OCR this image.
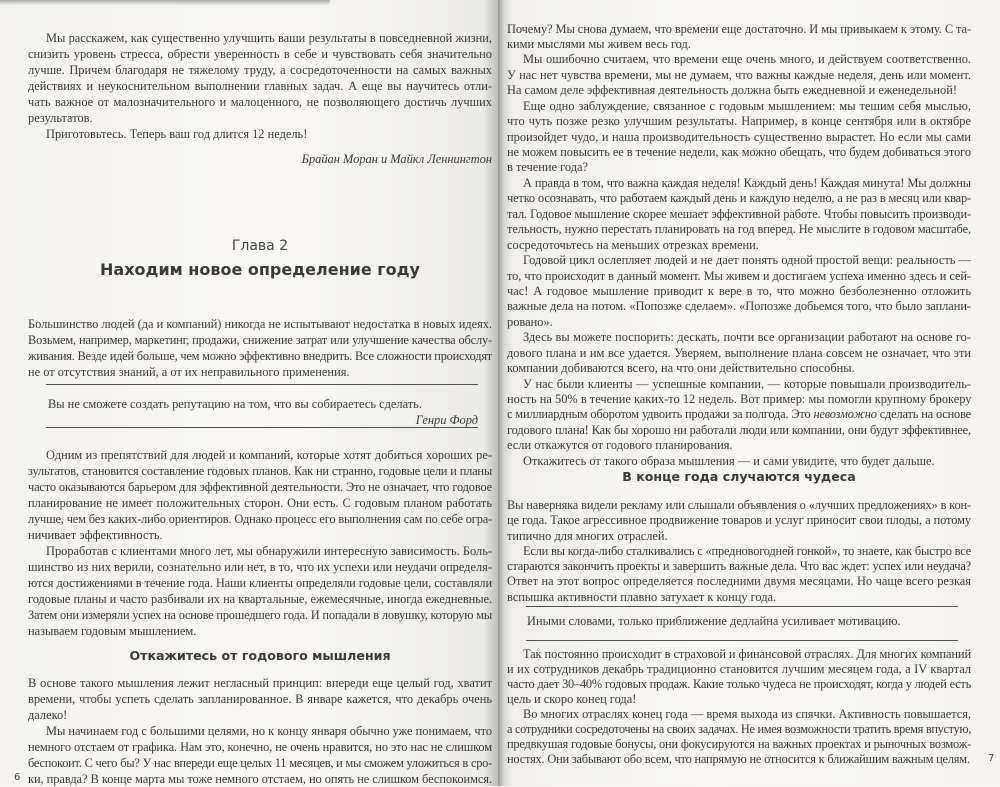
Мы расскажем, как существенно улучшить ваши результаты в повседневной жизни,
снизить уровень стресса, обрести уверенность в себе и чувствовать себя значительно
лучше. Причем благодаря не тяжелому труду, а сосредоточенности на самых важных
действиях и неукоснительном выполнении главных задач. А еще вы научитесь отли-
чать важное от малозначительного и малоценного, не позволяющего достичь лучших
результатов.
Приготовьтесь. Теперь ваш год длится 12 недель!
Брайан Моран и Майкл Леннингтон
Глава 2
Находим новое определение году
Большинство людей (да и компаний) никогда не испытывают недостатка в новых идеях.
Возьмем, например, маркетинг, продажи, снижение затрат или улучшение качества обслу-
живания. Везде идей больше, чем можно эффективно внедрить. Все сложности происходят
не от отсутствия знаний, а от их неправильного применения.
Вы не сможете создать репутацию на том, что вы собираетесь сделать.
Генри Форд
Одним из препятствий для людей и компаний, которые хотят добиться хороших ре-
зультатов, становится составление годовых планов. Как ни странно, годовые цели и планы
часто оказываются барьером для эффективной деятельности. Это не означает, что годовое
планирование не имеет положительных сторон. Они есть. С годовым планом работать
лучше, чем без каких-либо ориентиров. Однако процесс его выполнения сам по себе огра-
ничивает эффективность.
Проработав с клиентами много лет, мы обнаружили интересную зависимость. Боль-
шинство из них верили, сознательно или нет, в то, что их успехи или неудачи определя-
ются достижениями в течение года. Наши клиенты определяли годовые цели, составляли
годовые планы и часто разбивали их на квартальные, ежемесячные, иногда ежедневные.
Затем они измеряли успех на основе прошедшего года. И попадали в ловушку, которую мы
называем годовым мышлением.
Откажитесь от годового мышления
В основе такого мышления лежит негласный принцип: впереди еще целый год, хватит
времени, чтобы успеть сделать запланированное. В январе кажется, что декабрь очень
далеко!
Мы начинаем год с большими целями, но к концу января обычно уже понимаем, что
немного отстаем от графика. Нам это, конечно, не очень нравится, но это нас не слишком
беспокоит. С чего бы? У нас впереди еще целых 11 месяцев, и мы сможем уложиться в сро-
ки, правда? В конце марта мы тоже немного отстаем, но опять не слишком беспокоимся.
6
Почему? Мы снова думаем, что времени еще достаточно. И мы привыкаем к этому. С та-
кими мыслями мы живем весь год.
Мы ошибочно считаем, что времени еще очень много, и действуем соответственно.
У нас нет чувства времени, мы не думаем, что важны каждые неделя, день или момент.
На самом деле эффективная деятельность должна быть ежедневной и еженедельной!
Еще одно заблуждение, связанное с годовым мышлением: мы тешим себя мыслью,
что чуть позже резко улучшим результаты. Например, в конце сентября или в октябре
произойдет чудо, и наша производительность существенно вырастет. Но если мы сами
не можем повысить ее в течение недели, как можно обещать, что будем добиваться этого
в течение года?
А правда в том, что важна каждая неделя! Каждый день! Каждая минута! Мы должны
четко осознавать, что работаем каждый день и каждую неделю, а не раз в месяц или квар-
тал. Годовое мышление скорее мешает эффективной работе. Чтобы повысить производи-
тельность, нужно перестать планировать на год вперед. Не мыслите в годовом масштабе,
сосредоточьтесь на меньших отрезках времени.
Годовой цикл ослепляет людей и не дает понять одной простой вещи: реальность —
то, что происходит в данный момент. Мы живем и достигаем успеха именно здесь и сей-
час! А годовое мышление приводит к вере в то, что можно безболезненно отложить
важные дела на потом. «Попозже сделаем». «Попозже добьемся того, что было заплани-
ровано».
Здесь вы можете поспорить: дескать, почти все организации работают на основе го-
дового плана и им все удается. Уверяем, выполнение плана совсем не означает, что эти
компании добиваются всего, на что они действительно способны.
У нас были клиенты — успешные компании, — которые повышали производитель-
ность на 50% в течение каких-то 12 недель. Вот пример: мы помогли крупному брокеру
с миллиардным оборотом удвоить продажи за полгода. Это невозможно сделать на основе
годового плана! Как бы хорошо ни работали люди или компании, они будут эффективнее,
если откажутся от годового планирования.
Откажитесь от такого образа мышления — и сами увидите, что будет дальше.
В конце года случаются чудеса
Вы наверняка видели рекламу или слышали объявления о «лучших предложениях» в кон-
це года. Такое агрессивное продвижение товаров и услуг приносит свои плоды, а потому
типично для многих отраслей.
Если вы когда-либо сталкивались с «предновогодней гонкой», то знаете, как быстро все
стараются закончить проекты и завершить важные дела. Что вас ждет: успех или неудача?
Ответ на этот вопрос определяется последними двумя месяцами. Но чаще всего резкая
вспышка активности плавно затухает к концу года.
Иными словами, только приближение дедлайна усиливает мотивацию.
Так постоянно происходит в страховой и финансовой отраслях. Для многих компаний
и их сотрудников декабрь традиционно становится лучшим месяцем года, а IV квартал
часто дает 30–40% годовых продаж. Какие только чудеса не происходят, когда у людей есть
цель и скоро конец года!
Во многих отраслях конец года — время выхода из спячки. Активность повышается,
а сотрудники сосредоточены на своих задачах. Не имея возможности тратить время впустую,
предвкушая годовые бонусы, они фокусируются на важных проектах и рыночных возмож-
ностях. Они забывают обо всем, что напрямую не относится к ближайшим важным целям. 7
